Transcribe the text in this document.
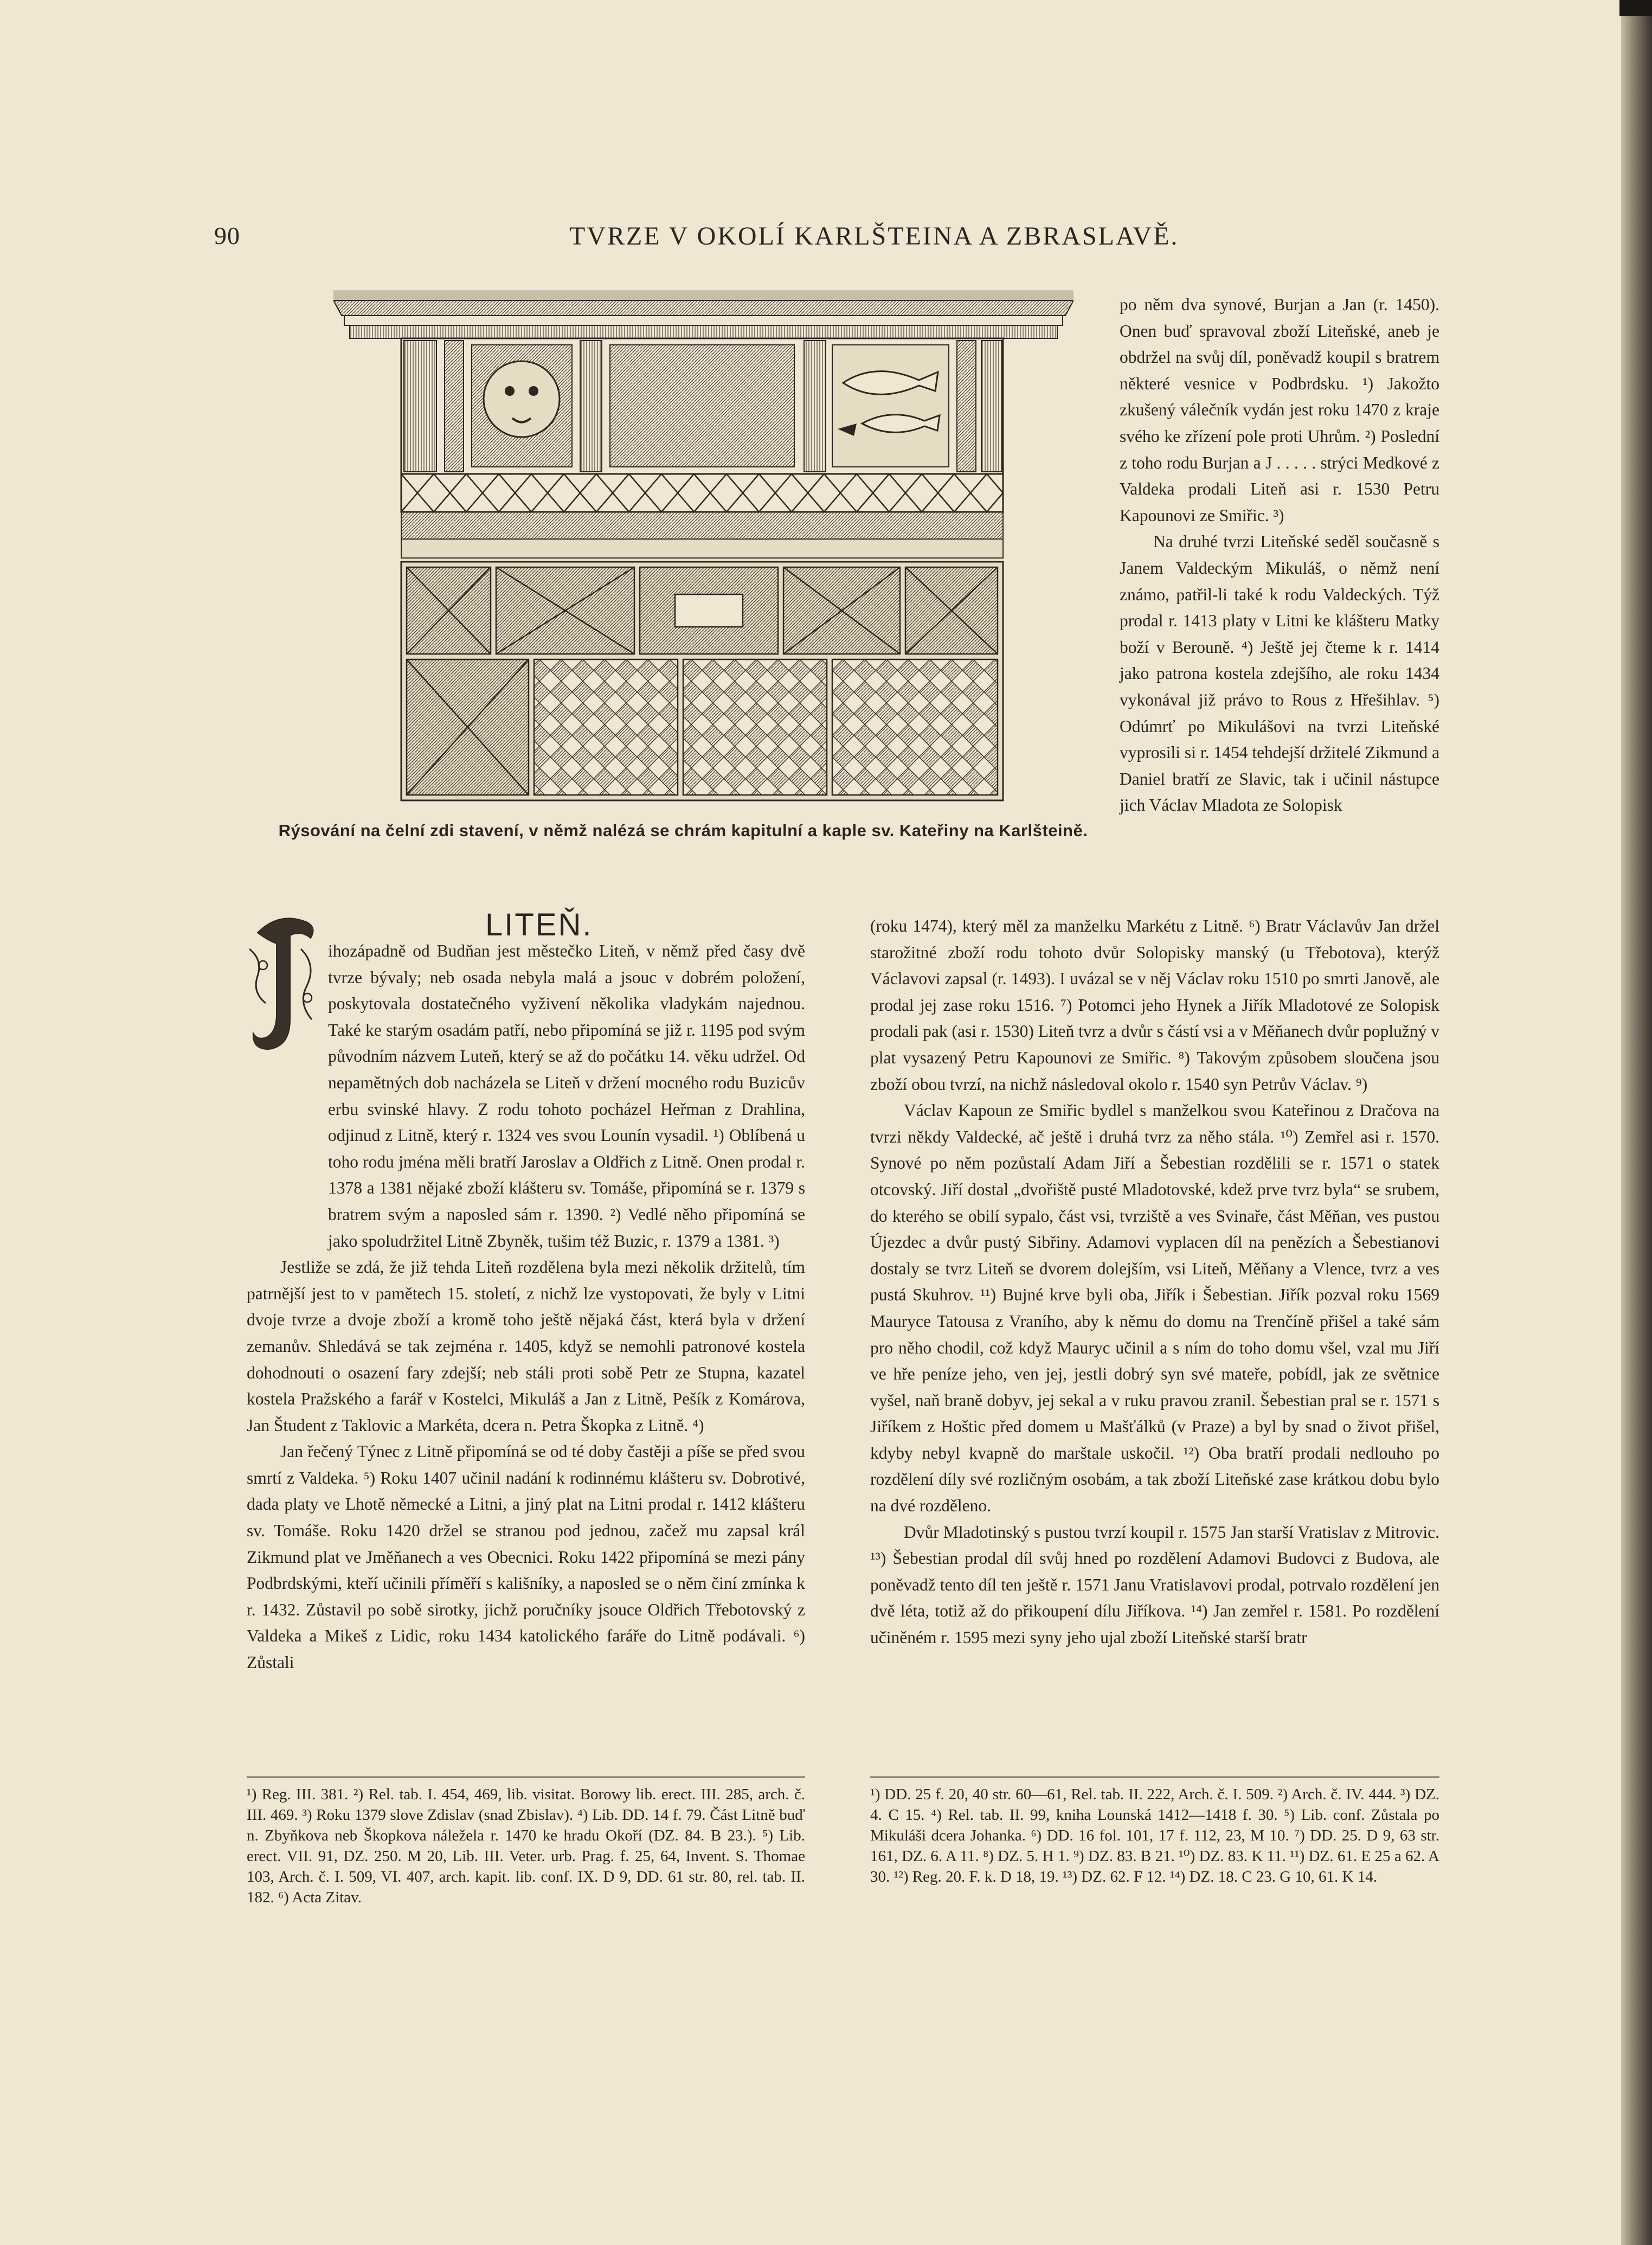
90	TVRZE V OKOLÍ KARLŠTEINA A ZBRASLAVĚ.
Rýsování na čelní zdi stavení, v němž nalézá se chrám kapitulní a kaple sv. Kateřiny na Karlšteině.

po něm dva synové, Burjan a Jan (r. 1450). Onen buď spravoval zboží Liteňské, aneb je obdržel na svůj díl, poněvadž koupil s bratrem některé vesnice v Podbrdsku. ¹) Jakožto zkušený válečník vydán jest roku 1470 z kraje svého ke zřízení pole proti Uhrům. ²) Poslední z toho rodu Burjan a J . . . . . strýci Medkové z Valdeka prodali Liteň asi r. 1530 Petru Kapounovi ze Smiřic. ³)

Na druhé tvrzi Liteňské seděl současně s Janem Valdeckým Mikuláš, o němž není známo, patřil-li také k rodu Valdeckých. Týž prodal r. 1413 platy v Litni ke klášteru Matky boží v Berouně. ⁴) Ještě jej čteme k r. 1414 jako patrona kostela zdejšího, ale roku 1434 vykonával již právo to Rous z Hřešihlav. ⁵) Odúmrť po Mikulášovi na tvrzi Liteňské vyprosili si r. 1454 tehdejší držitelé Zikmund a Daniel bratří ze Slavic, tak i učinil nástupce jich Václav Mladota ze Solopisk

LITEŇ.

ihozápadně od Budňan jest městečko Liteň, v němž před časy dvě tvrze bývaly; neb osada nebyla malá a jsouc v dobrém položení, poskytovala dostatečného vyživení několika vladykám najednou. Také ke starým osadám patří, nebo připomíná se již r. 1195 pod svým původním názvem Luteň, který se až do počátku 14. věku udržel. Od nepamětných dob nacházela se Liteň v držení mocného rodu Buzicův erbu svinské hlavy. Z rodu tohoto pocházel Heřman z Drahlina, odjinud z Litně, který r. 1324 ves svou Lounín vysadil. ¹) Oblíbená u toho rodu jména měli bratří Jaroslav a Oldřich z Litně. Onen prodal r. 1378 a 1381 nějaké zboží klášteru sv. Tomáše, připomíná se r. 1379 s bratrem svým a naposled sám r. 1390. ²) Vedlé něho připomíná se jako spoludržitel Litně Zbyněk, tušim též Buzic, r. 1379 a 1381. ³)

Jestliže se zdá, že již tehda Liteň rozdělena byla mezi několik držitelů, tím patrnější jest to v pamětech 15. století, z nichž lze vystopovati, že byly v Litni dvoje tvrze a dvoje zboží a kromě toho ještě nějaká část, která byla v držení zemanův. Shledává se tak zejména r. 1405, když se nemohli patronové kostela dohodnouti o osazení fary zdejší; neb stáli proti sobě Petr ze Stupna, kazatel kostela Pražského a farář v Kostelci, Mikuláš a Jan z Litně, Pešík z Komárova, Jan Študent z Taklovic a Markéta, dcera n. Petra Škopka z Litně. ⁴)

Jan řečený Týnec z Litně připomíná se od té doby častěji a píše se před svou smrtí z Valdeka. ⁵) Roku 1407 učinil nadání k rodinnému klášteru sv. Dobrotivé, dada platy ve Lhotě německé a Litni, a jiný plat na Litni prodal r. 1412 klášteru sv. Tomáše. Roku 1420 držel se stranou pod jednou, začež mu zapsal král Zikmund plat ve Jměňanech a ves Obecnici. Roku 1422 připomíná se mezi pány Podbrdskými, kteří učinili příměří s kališníky, a naposled se o něm činí zmínka k r. 1432. Zůstavil po sobě sirotky, jichž poručníky jsouce Oldřich Třebotovský z Valdeka a Mikeš z Lidic, roku 1434 katolického faráře do Litně podávali. ⁶) Zůstali

(roku 1474), který měl za manželku Markétu z Litně. ⁶) Bratr Václavův Jan držel starožitné zboží rodu tohoto dvůr Solopisky manský (u Třebotova), kterýž Václavovi zapsal (r. 1493). I uvázal se v něj Václav roku 1510 po smrti Janově, ale prodal jej zase roku 1516. ⁷) Potomci jeho Hynek a Jiřík Mladotové ze Solopisk prodali pak (asi r. 1530) Liteň tvrz a dvůr s částí vsi a v Měňanech dvůr poplužný v plat vysazený Petru Kapounovi ze Smiřic. ⁸) Takovým způsobem sloučena jsou zboží obou tvrzí, na nichž následoval okolo r. 1540 syn Petrův Václav. ⁹)

Václav Kapoun ze Smiřic bydlel s manželkou svou Kateřinou z Dračova na tvrzi někdy Valdecké, ač ještě i druhá tvrz za něho stála. ¹⁰) Zemřel asi r. 1570. Synové po něm pozůstalí Adam Jiří a Šebestian rozdělili se r. 1571 o statek otcovský. Jiří dostal „dvořiště pusté Mladotovské, kdež prve tvrz byla“ se srubem, do kterého se obilí sypalo, část vsi, tvrziště a ves Svinaře, část Měňan, ves pustou Újezdec a dvůr pustý Sibřiny. Adamovi vyplacen díl na penězích a Šebestianovi dostaly se tvrz Liteň se dvorem dolejším, vsi Liteň, Měňany a Vlence, tvrz a ves pustá Skuhrov. ¹¹) Bujné krve byli oba, Jiřík i Šebestian. Jiřík pozval roku 1569 Mauryce Tatousa z Vraního, aby k němu do domu na Trenčíně přišel a také sám pro něho chodil, což když Mauryc učinil a s ním do toho domu všel, vzal mu Jiří ve hře peníze jeho, ven jej, jestli dobrý syn své mateře, pobídl, jak ze světnice vyšel, naň braně dobyv, jej sekal a v ruku pravou zranil. Šebestian pral se r. 1571 s Jiříkem z Hoštic před domem u Mašťálků (v Praze) a byl by snad o život přišel, kdyby nebyl kvapně do marštale uskočil. ¹²) Oba bratří prodali nedlouho po rozdělení díly své rozličným osobám, a tak zboží Liteňské zase krátkou dobu bylo na dvé rozděleno.

Dvůr Mladotinský s pustou tvrzí koupil r. 1575 Jan starší Vratislav z Mitrovic. ¹³) Šebestian prodal díl svůj hned po rozdělení Adamovi Budovci z Budova, ale poněvadž tento díl ten ještě r. 1571 Janu Vratislavovi prodal, potrvalo rozdělení jen dvě léta, totiž až do přikoupení dílu Jiříkova. ¹⁴) Jan zemřel r. 1581. Po rozdělení učiněném r. 1595 mezi syny jeho ujal zboží Liteňské starší bratr

¹) Reg. III. 381. ²) Rel. tab. I. 454, 469, lib. visitat. Borowy lib. erect. III. 285, arch. č. III. 469. ³) Roku 1379 slove Zdislav (snad Zbislav). ⁴) Lib. DD. 14 f. 79. Část Litně buď n. Zbyňkova neb Škopkova náležela r. 1470 ke hradu Okoří (DZ. 84. B 23.). ⁵) Lib. erect. VII. 91, DZ. 250. M 20, Lib. III. Veter. urb. Prag. f. 25, 64, Invent. S. Thomae 103, Arch. č. I. 509, VI. 407, arch. kapit. lib. conf. IX. D 9, DD. 61 str. 80, rel. tab. II. 182. ⁶) Acta Zitav.
¹) DD. 25 f. 20, 40 str. 60—61, Rel. tab. II. 222, Arch. č. I. 509. ²) Arch. č. IV. 444. ³) DZ. 4. C 15. ⁴) Rel. tab. II. 99, kniha Lounská 1412—1418 f. 30. ⁵) Lib. conf. Zůstala po Mikuláši dcera Johanka. ⁶) DD. 16 fol. 101, 17 f. 112, 23, M 10. ⁷) DD. 25. D 9, 63 str. 161, DZ. 6. A 11. ⁸) DZ. 5. H 1. ⁹) DZ. 83. B 21. ¹⁰) DZ. 83. K 11. ¹¹) DZ. 61. E 25 a 62. A 30. ¹²) Reg. 20. F. k. D 18, 19. ¹³) DZ. 62. F 12. ¹⁴) DZ. 18. C 23. G 10, 61. K 14.
